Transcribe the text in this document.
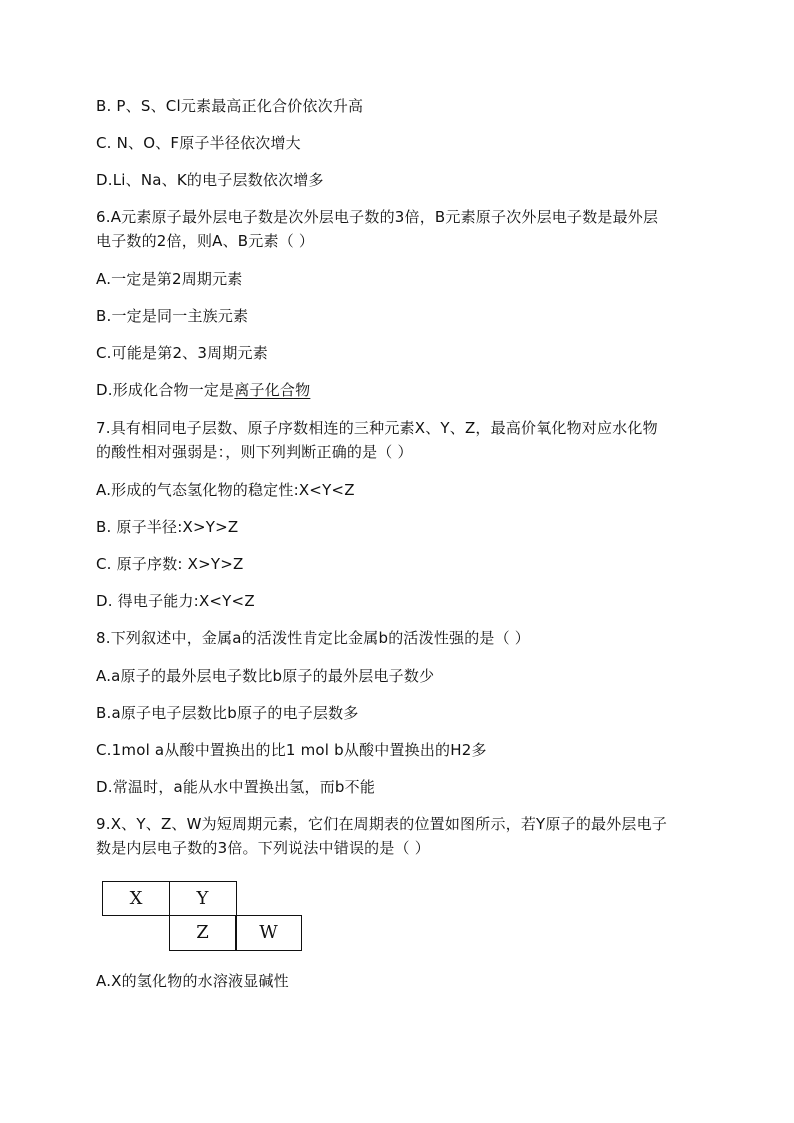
B. P、S、Cl元素最高正化合价依次升高
C. N、O、F原子半径依次增大
D.Li、Na、K的电子层数依次增多
6.A元素原子最外层电子数是次外层电子数的3倍，B元素原子次外层电子数是最外层
电子数的2倍，则A、B元素（ ）
A.一定是第2周期元素
B.一定是同一主族元素
C.可能是第2、3周期元素
D.形成化合物一定是离子化合物
7.具有相同电子层数、原子序数相连的三种元素X、Y、Z，最高价氧化物对应水化物
的酸性相对强弱是：，则下列判断正确的是（ ）
A.形成的气态氢化物的稳定性:X<Y<Z
B. 原子半径:X>Y>Z
C. 原子序数: X>Y>Z
D. 得电子能力:X<Y<Z
8.下列叙述中，金属a的活泼性肯定比金属b的活泼性强的是（ ）
A.a原子的最外层电子数比b原子的最外层电子数少
B.a原子电子层数比b原子的电子层数多
C.1mol a从酸中置换出的比1 mol b从酸中置换出的H2多
D.常温时，a能从水中置换出氢，而b不能
9.X、Y、Z、W为短周期元素，它们在周期表的位置如图所示，若Y原子的最外层电子
数是内层电子数的3倍。下列说法中错误的是（ ）
X	Y
Z	W
A.X的氢化物的水溶液显碱性
